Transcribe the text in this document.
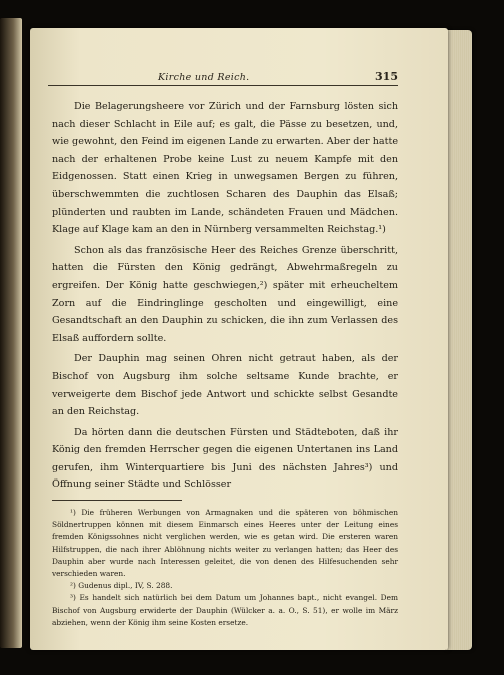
Kirche und Reich.	315

Die Belagerungsheere vor Zürich und der Farnsburg lösten sich nach dieser Schlacht in Eile auf; es galt, die Pässe zu besetzen, und, wie gewohnt, den Feind im eigenen Lande zu erwarten. Aber der hatte nach der erhaltenen Probe keine Lust zu neuem Kampfe mit den Eidgenossen. Statt einen Krieg in unwegsamen Bergen zu führen, überschwemmten die zuchtlosen Scharen des Dauphin das Elsaß; plünderten und raubten im Lande, schändeten Frauen und Mädchen. Klage auf Klage kam an den in Nürnberg versammelten Reichstag.¹)

Schon als das französische Heer des Reiches Grenze überschritt, hatten die Fürsten den König gedrängt, Abwehrmaßregeln zu ergreifen. Der König hatte geschwiegen,²) später mit erheucheltem Zorn auf die Eindringlinge gescholten und eingewilligt, eine Gesandtschaft an den Dauphin zu schicken, die ihn zum Verlassen des Elsaß auffordern sollte.

Der Dauphin mag seinen Ohren nicht getraut haben, als der Bischof von Augsburg ihm solche seltsame Kunde brachte, er verweigerte dem Bischof jede Antwort und schickte selbst Gesandte an den Reichstag.

Da hörten dann die deutschen Fürsten und Städteboten, daß ihr König den fremden Herrscher gegen die eigenen Untertanen ins Land gerufen, ihm Winterquartiere bis Juni des nächsten Jahres³) und Öffnung seiner Städte und Schlösser

¹) Die früheren Werbungen von Armagnaken und die späteren von böhmischen Söldnertruppen können mit diesem Einmarsch eines Heeres unter der Leitung eines fremden Königssohnes nicht verglichen werden, wie es getan wird. Die ersteren waren Hilfstruppen, die nach ihrer Ablöhnung nichts weiter zu verlangen hatten; das Heer des Dauphin aber wurde nach Interessen geleitet, die von denen des Hilfesuchenden sehr verschieden waren.

²) Gudenus dipl., IV, S. 288.

³) Es handelt sich natürlich bei dem Datum um Johannes bapt., nicht evangel. Dem Bischof von Augsburg erwiderte der Dauphin (Wülcker a. a. O., S. 51), er wolle im März abziehen, wenn der König ihm seine Kosten ersetze.
